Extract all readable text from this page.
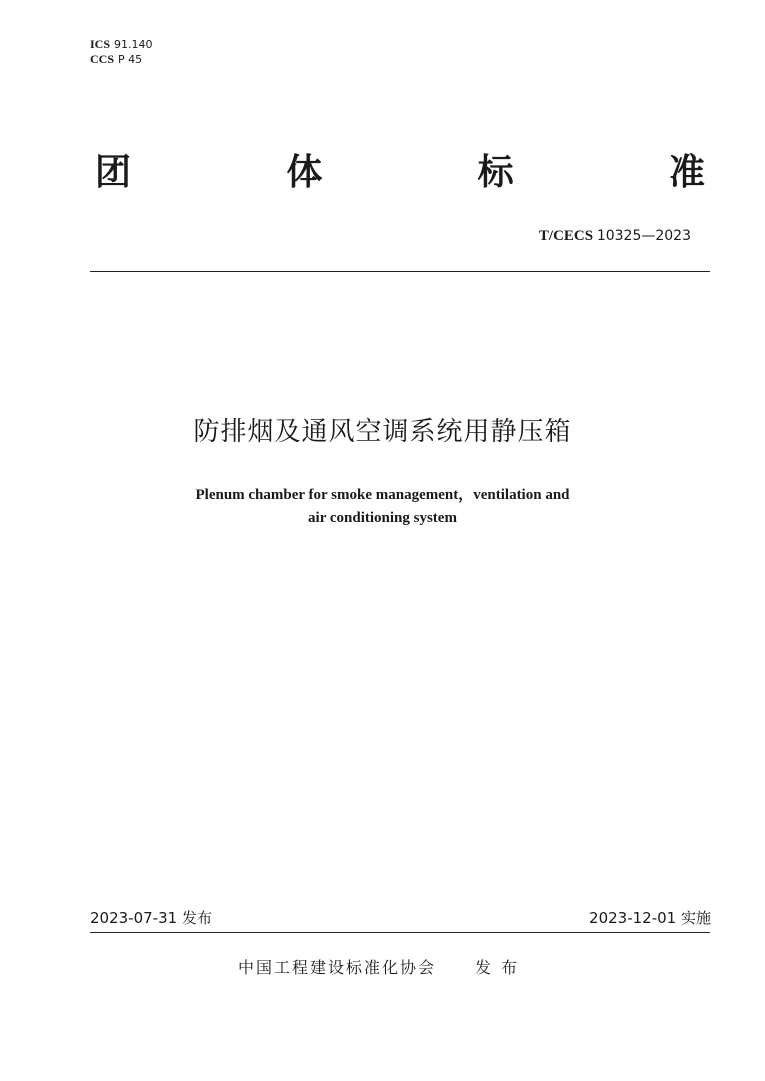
ICS 91.140
CCS P 45
团	体	标	准
T/CECS 10325—2023
防排烟及通风空调系统用静压箱
Plenum chamber for smoke management，ventilation and
air conditioning system
2023-07-31 发布	2023-12-01 实施
中国工程建设标准化协会 发布
